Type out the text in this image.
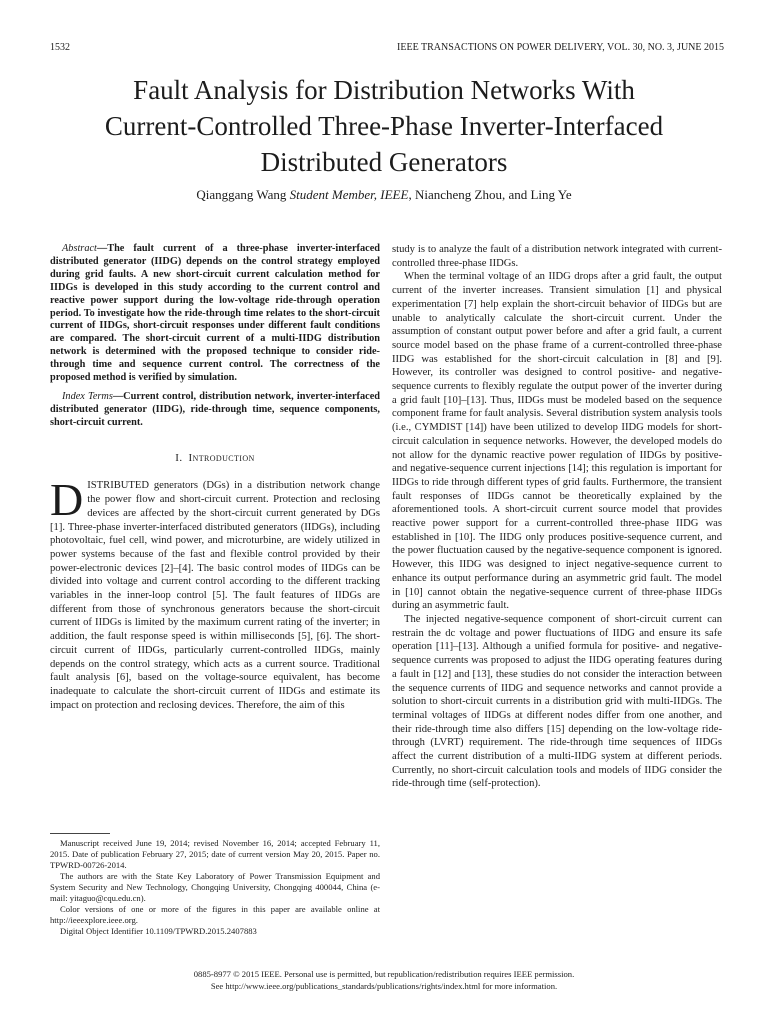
1532	IEEE TRANSACTIONS ON POWER DELIVERY, VOL. 30, NO. 3, JUNE 2015
Fault Analysis for Distribution Networks With
Current-Controlled Three-Phase Inverter-Interfaced
Distributed Generators
Qianggang Wang Student Member, IEEE, Niancheng Zhou, and Ling Ye

Abstract—The fault current of a three-phase inverter-interfaced distributed generator (IIDG) depends on the control strategy employed during grid faults. A new short-circuit current calculation method for IIDGs is developed in this study according to the current control and reactive power support during the low-voltage ride-through operation period. To investigate how the ride-through time relates to the short-circuit current of IIDGs, short-circuit responses under different fault conditions are compared. The short-circuit current of a multi-IIDG distribution network is determined with the proposed technique to consider ride-through time and sequence current control. The correctness of the proposed method is verified by simulation.

Index Terms—Current control, distribution network, inverter-interfaced distributed generator (IIDG), ride-through time, sequence components, short-circuit current.

I. Introduction

DISTRIBUTED generators (DGs) in a distribution network change the power flow and short-circuit current. Protection and reclosing devices are affected by the short-circuit current generated by DGs [1]. Three-phase inverter-interfaced distributed generators (IIDGs), including photovoltaic, fuel cell, wind power, and microturbine, are widely utilized in power systems because of the fast and flexible control provided by their power-electronic devices [2]–[4]. The basic control modes of IIDGs can be divided into voltage and current control according to the different tracking variables in the inner-loop control [5]. The fault features of IIDGs are different from those of synchronous generators because the short-circuit current of IIDGs is limited by the maximum current rating of the inverter; in addition, the fault response speed is within milliseconds [5], [6]. The short-circuit current of IIDGs, particularly current-controlled IIDGs, mainly depends on the control strategy, which acts as a current source. Traditional fault analysis [6], based on the voltage-source equivalent, has become inadequate to calculate the short-circuit current of IIDGs and estimate its impact on protection and reclosing devices. Therefore, the aim of this

Manuscript received June 19, 2014; revised November 16, 2014; accepted February 11, 2015. Date of publication February 27, 2015; date of current version May 20, 2015. Paper no. TPWRD-00726-2014.

The authors are with the State Key Laboratory of Power Transmission Equipment and System Security and New Technology, Chongqing University, Chongqing 400044, China (e-mail: yitaguo@cqu.edu.cn).

Color versions of one or more of the figures in this paper are available online at http://ieeexplore.ieee.org.

Digital Object Identifier 10.1109/TPWRD.2015.2407883

study is to analyze the fault of a distribution network integrated with current-controlled three-phase IIDGs.

When the terminal voltage of an IIDG drops after a grid fault, the output current of the inverter increases. Transient simulation [1] and physical experimentation [7] help explain the short-circuit behavior of IIDGs but are unable to analytically calculate the short-circuit current. Under the assumption of constant output power before and after a grid fault, a current source model based on the phase frame of a current-controlled three-phase IIDG was established for the short-circuit calculation in [8] and [9]. However, its controller was designed to control positive- and negative-sequence currents to flexibly regulate the output power of the inverter during a grid fault [10]–[13]. Thus, IIDGs must be modeled based on the sequence component frame for fault analysis. Several distribution system analysis tools (i.e., CYMDIST [14]) have been utilized to develop IIDG models for short-circuit calculation in sequence networks. However, the developed models do not allow for the dynamic reactive power regulation of IIDGs by positive- and negative-sequence current injections [14]; this regulation is important for IIDGs to ride through different types of grid faults. Furthermore, the transient fault responses of IIDGs cannot be theoretically explained by the aforementioned tools. A short-circuit current source model that provides reactive power support for a current-controlled three-phase IIDG was established in [10]. The IIDG only produces positive-sequence current, and the power fluctuation caused by the negative-sequence component is ignored. However, this IIDG was designed to inject negative-sequence current to enhance its output performance during an asymmetric grid fault. The model in [10] cannot obtain the negative-sequence current of three-phase IIDGs during an asymmetric fault.

The injected negative-sequence component of short-circuit current can restrain the dc voltage and power fluctuations of IIDG and ensure its safe operation [11]–[13]. Although a unified formula for positive- and negative-sequence currents was proposed to adjust the IIDG operating features during a fault in [12] and [13], these studies do not consider the interaction between the sequence currents of IIDG and sequence networks and cannot provide a solution to short-circuit currents in a distribution grid with multi-IIDGs. The terminal voltages of IIDGs at different nodes differ from one another, and their ride-through time also differs [15] depending on the low-voltage ride-through (LVRT) requirement. The ride-through time sequences of IIDGs affect the current distribution of a multi-IIDG system at different periods. Currently, no short-circuit calculation tools and models of IIDG consider the ride-through time (self-protection).

0885-8977 © 2015 IEEE. Personal use is permitted, but republication/redistribution requires IEEE permission.
See http://www.ieee.org/publications_standards/publications/rights/index.html for more information.
